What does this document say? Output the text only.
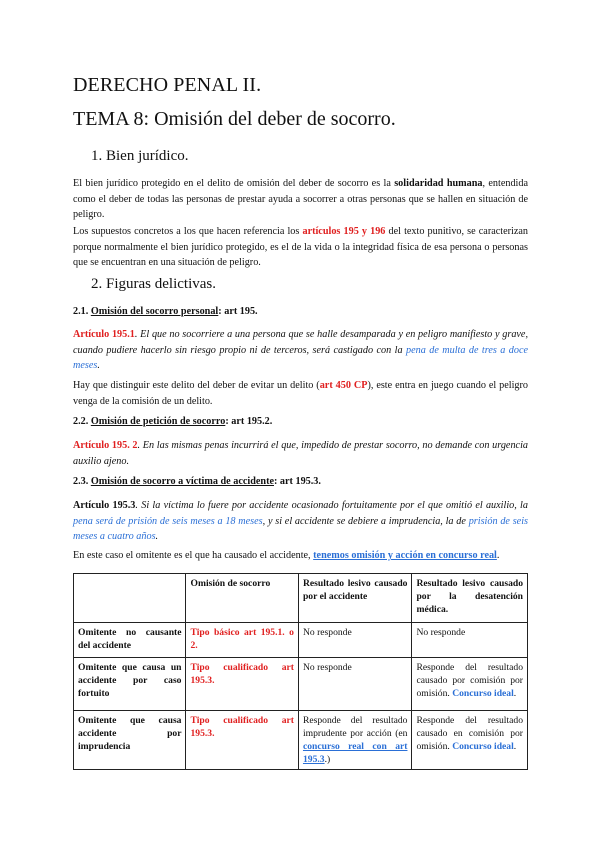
DERECHO PENAL II.
TEMA 8: Omisión del deber de socorro.
1. Bien jurídico.

El bien jurídico protegido en el delito de omisión del deber de socorro es la solidaridad humana, entendida como el deber de todas las personas de prestar ayuda a socorrer a otras personas que se hallen en situación de peligro.

Los supuestos concretos a los que hacen referencia los artículos 195 y 196 del texto punitivo, se caracterizan porque normalmente el bien jurídico protegido, es el de la vida o la integridad física de esa persona o personas que se encuentran en una situación de peligro.

2. Figuras delictivas.

2.1. Omisión del socorro personal: art 195.

Artículo 195.1. El que no socorriere a una persona que se halle desamparada y en peligro manifiesto y grave, cuando pudiere hacerlo sin riesgo propio ni de terceros, será castigado con la pena de multa de tres a doce meses.

Hay que distinguir este delito del deber de evitar un delito (art 450 CP), este entra en juego cuando el peligro venga de la comisión de un delito.

2.2. Omisión de petición de socorro: art 195.2.

Artículo 195. 2. En las mismas penas incurrirá el que, impedido de prestar socorro, no demande con urgencia auxilio ajeno.

2.3. Omisión de socorro a víctima de accidente: art 195.3.

Artículo 195.3. Si la víctima lo fuere por accidente ocasionado fortuitamente por el que omitió el auxilio, la pena será de prisión de seis meses a 18 meses, y si el accidente se debiere a imprudencia, la de prisión de seis meses a cuatro años.

En este caso el omitente es el que ha causado el accidente, tenemos omisión y acción en concurso real.

	Omisión de socorro	Resultado lesivo causado por el accidente	Resultado lesivo causado por la desatención médica.
Omitente no causante del accidente	Tipo básico art 195.1. o 2.	No responde	No responde
Omitente que causa un accidente por caso fortuito	Tipo cualificado art 195.3.	No responde	Responde del resultado causado por comisión por omisión. Concurso ideal.
Omitente que causa accidente por imprudencia	Tipo cualificado art 195.3.	Responde del resultado imprudente por acción (en concurso real con art 195.3.)	Responde del resultado causado en comisión por omisión. Concurso ideal.
